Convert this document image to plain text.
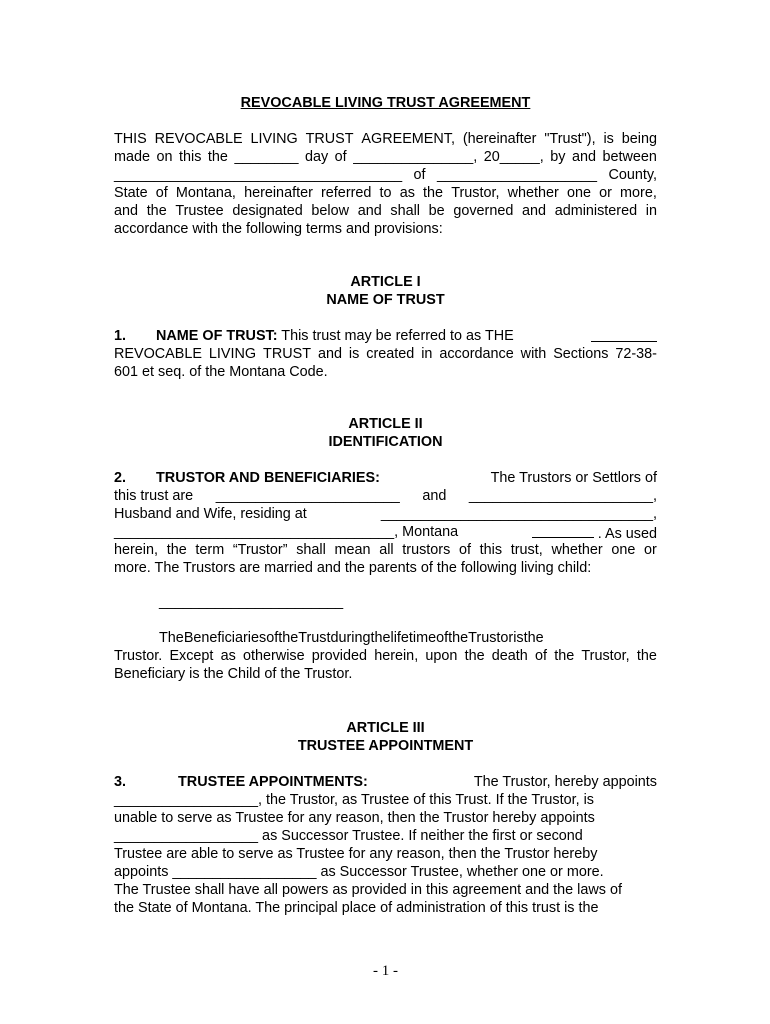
REVOCABLE LIVING TRUST AGREEMENT
THIS REVOCABLE LIVING TRUST AGREEMENT, (hereinafter "Trust"), is being
made on this the ________ day of _______________, 20_____, by and between
____________________________________ of ____________________ County,
State of Montana, hereinafter referred to as the Trustor, whether one or more,
and the Trustee designated below and shall be governed and administered in
accordance with the following terms and provisions:
ARTICLE I
NAME OF TRUST
1. NAME OF TRUST: This trust may be referred to as THE
REVOCABLE LIVING TRUST and is created in accordance with Sections 72-38-
601 et seq. of the Montana Code.
ARTICLE II
IDENTIFICATION
2. TRUSTOR AND BENEFICIARIES:	The Trustors or Settlors of
this trust are _______________________ and _______________________,
Husband and Wife, residing at	__________________________________,
___________________________________, Montana	. As used
herein, the term “Trustor” shall mean all trustors of this trust, whether one or
more. The Trustors are married and the parents of the following living child:
_______________________
The Beneficiaries of the Trust during the lifetime of the Trustor is the
Trustor. Except as otherwise provided herein, upon the death of the Trustor, the
Beneficiary is the Child of the Trustor.
ARTICLE III
TRUSTEE APPOINTMENT
3.	TRUSTEE APPOINTMENTS:	The Trustor, hereby appoints
__________________, the Trustor, as Trustee of this Trust. If the Trustor, is
unable to serve as Trustee for any reason, then the Trustor hereby appoints
__________________ as Successor Trustee. If neither the first or second
Trustee are able to serve as Trustee for any reason, then the Trustor hereby
appoints __________________ as Successor Trustee, whether one or more.
The Trustee shall have all powers as provided in this agreement and the laws of
the State of Montana. The principal place of administration of this trust is the
- 1 -
